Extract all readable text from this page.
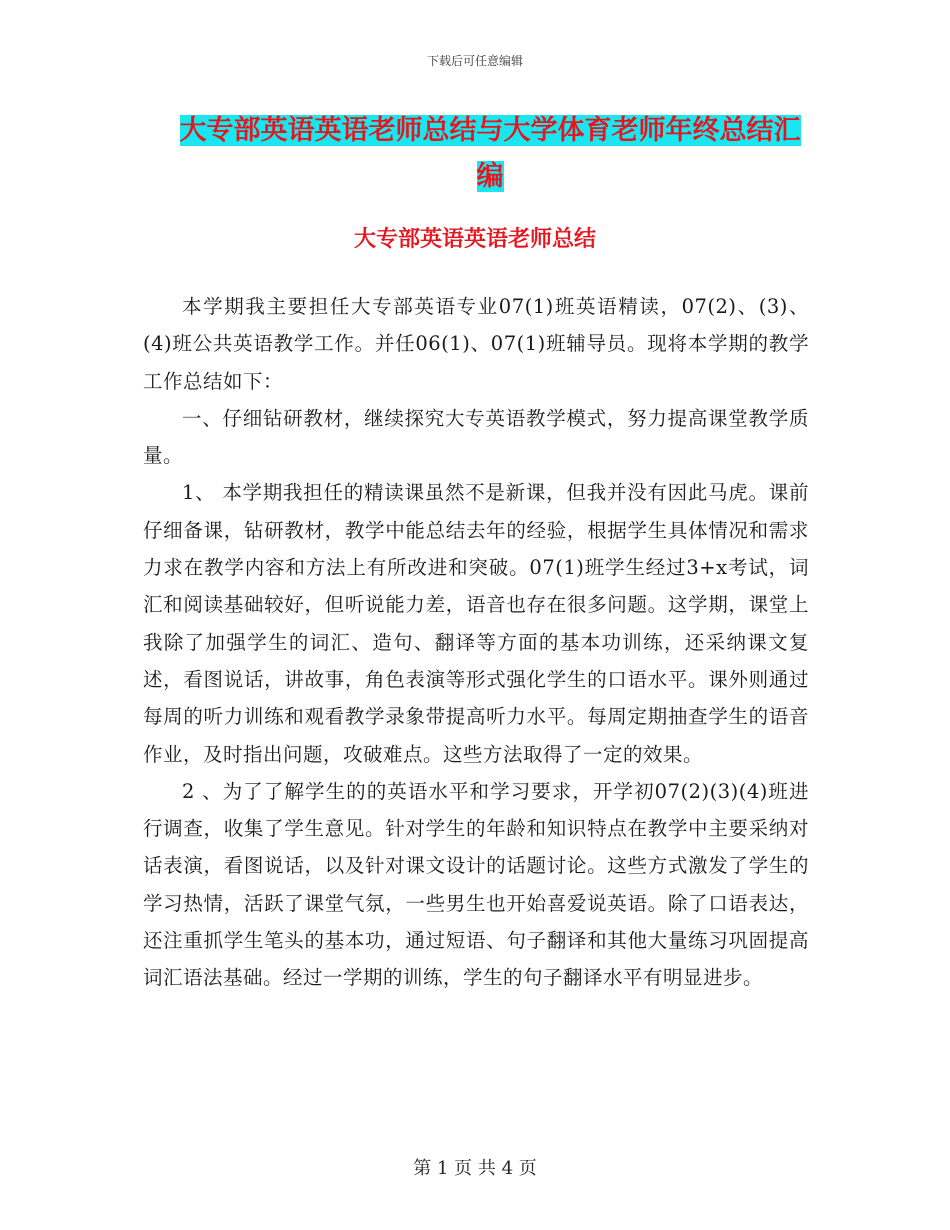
下载后可任意编辑
大专部英语英语老师总结与大学体育老师年终总结汇
编
大专部英语英语老师总结

本学期我主要担任大专部英语专业07(1)班英语精读，07(2)、(3)、(4)班公共英语教学工作。并任06(1)、07(1)班辅导员。现将本学期的教学工作总结如下：

一、仔细钻研教材，继续探究大专英语教学模式，努力提高课堂教学质量。

1、 本学期我担任的精读课虽然不是新课，但我并没有因此马虎。课前仔细备课，钻研教材，教学中能总结去年的经验，根据学生具体情况和需求力求在教学内容和方法上有所改进和突破。07(1)班学生经过3+x考试，词汇和阅读基础较好，但听说能力差，语音也存在很多问题。这学期，课堂上我除了加强学生的词汇、造句、翻译等方面的基本功训练，还采纳课文复述，看图说话，讲故事，角色表演等形式强化学生的口语水平。课外则通过每周的听力训练和观看教学录象带提高听力水平。每周定期抽查学生的语音作业，及时指出问题，攻破难点。这些方法取得了一定的效果。

2 、为了了解学生的的英语水平和学习要求，开学初07(2)(3)(4)班进行调查，收集了学生意见。针对学生的年龄和知识特点在教学中主要采纳对话表演，看图说话，以及针对课文设计的话题讨论。这些方式激发了学生的学习热情，活跃了课堂气氛，一些男生也开始喜爱说英语。除了口语表达，还注重抓学生笔头的基本功，通过短语、句子翻译和其他大量练习巩固提高词汇语法基础。经过一学期的训练，学生的句子翻译水平有明显进步。

第 1 页 共 4 页
